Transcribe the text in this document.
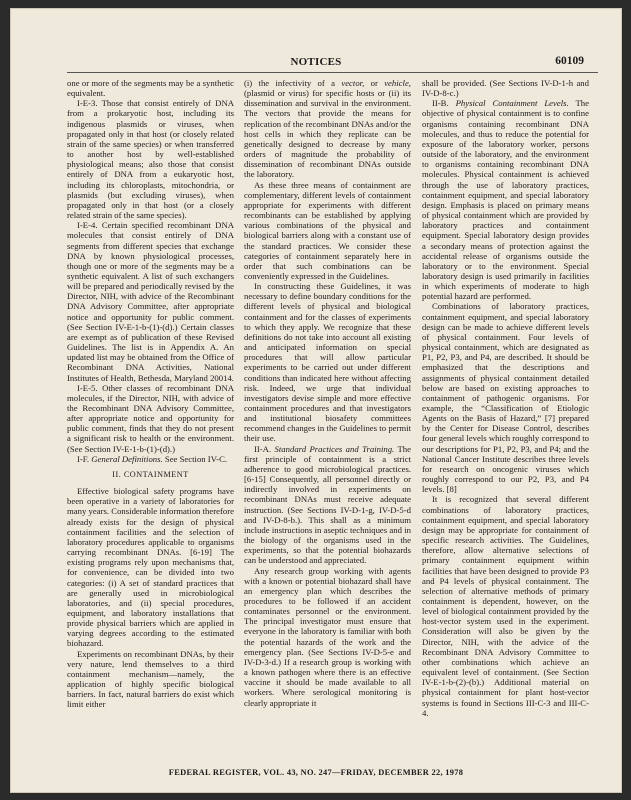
NOTICES	60109

one or more of the segments may be a synthetic equivalent.

I-E-3. Those that consist entirely of DNA from a prokaryotic host, including its indigenous plasmids or viruses, when propagated only in that host (or closely related strain of the same species) or when transferred to another host by well-established physiological means; also those that consist entirely of DNA from a eukaryotic host, including its chloroplasts, mitochondria, or plasmids (but excluding viruses), when propagated only in that host (or a closely related strain of the same species).

I-E-4. Certain specified recombinant DNA molecules that consist entirely of DNA segments from different species that exchange DNA by known physiological processes, though one or more of the segments may be a synthetic equivalent. A list of such exchangers will be prepared and periodically revised by the Director, NIH, with advice of the Recombinant DNA Advisory Committee, after appropriate notice and opportunity for public comment. (See Section IV-E-1-b-(1)-(d).) Certain classes are exempt as of publication of these Revised Guidelines. The list is in Appendix A. An updated list may be obtained from the Office of Recombinant DNA Activities, National Institutes of Health, Bethesda, Maryland 20014.

I-E-5. Other classes of recombinant DNA molecules, if the Director, NIH, with advice of the Recombinant DNA Advisory Committee, after appropriate notice and opportunity for public comment, finds that they do not present a significant risk to health or the environment. (See Section IV-E-1-b-(1)-(d).)

I-F. General Definitions. See Section IV-C.

II. CONTAINMENT

Effective biological safety programs have been operative in a variety of laboratories for many years. Considerable information therefore already exists for the design of physical containment facilities and the selection of laboratory procedures applicable to organisms carrying recombinant DNAs. [6-19] The existing programs rely upon mechanisms that, for convenience, can be divided into two categories: (i) A set of standard practices that are generally used in microbiological laboratories, and (ii) special procedures, equipment, and laboratory installations that provide physical barriers which are applied in varying degrees according to the estimated biohazard.

Experiments on recombinant DNAs, by their very nature, lend themselves to a third containment mechanism—namely, the application of highly specific biological barriers. In fact, natural barriers do exist which limit either

(i) the infectivity of a vector, or vehicle, (plasmid or virus) for specific hosts or (ii) its dissemination and survival in the environment. The vectors that provide the means for replication of the recombinant DNAs and/or the host cells in which they replicate can be genetically designed to decrease by many orders of magnitude the probability of dissemination of recombinant DNAs outside the laboratory.

As these three means of containment are complementary, different levels of containment appropriate for experiments with different recombinants can be established by applying various combinations of the physical and biological barriers along with a constant use of the standard practices. We consider these categories of containment separately here in order that such combinations can be conveniently expressed in the Guidelines.

In constructing these Guidelines, it was necessary to define boundary conditions for the different levels of physical and biological containment and for the classes of experiments to which they apply. We recognize that these definitions do not take into account all existing and anticipated information on special procedures that will allow particular experiments to be carried out under different conditions than indicated here without affecting risk. Indeed, we urge that individual investigators devise simple and more effective containment procedures and that investigators and institutional biosafety committees recommend changes in the Guidelines to permit their use.

II-A. Standard Practices and Training. The first principle of containment is a strict adherence to good microbiological practices. [6-15] Consequently, all personnel directly or indirectly involved in experiments on recombinant DNAs must receive adequate instruction. (See Sections IV-D-1-g, IV-D-5-d and IV-D-8-b.). This shall as a minimum include instructions in aseptic techniques and in the biology of the organisms used in the experiments, so that the potential biohazards can be understood and appreciated.

Any research group working with agents with a known or potential biohazard shall have an emergency plan which describes the procedures to be followed if an accident contaminates personnel or the environment. The principal investigator must ensure that everyone in the laboratory is familiar with both the potential hazards of the work and the emergency plan. (See Sections IV-D-5-e and IV-D-3-d.) If a research group is working with a known pathogen where there is an effective vaccine it should be made available to all workers. Where serological monitoring is clearly appropriate it

shall be provided. (See Sections IV-D-1-h and IV-D-8-c.)

II-B. Physical Containment Levels. The objective of physical containment is to confine organisms containing recombinant DNA molecules, and thus to reduce the potential for exposure of the laboratory worker, persons outside of the laboratory, and the environment to organisms containing recombinant DNA molecules. Physical containment is achieved through the use of laboratory practices, containment equipment, and special laboratory design. Emphasis is placed on primary means of physical containment which are provided by laboratory practices and containment equipment. Special laboratory design provides a secondary means of protection against the accidental release of organisms outside the laboratory or to the environment. Special laboratory design is used primarily in facilities in which experiments of moderate to high potential hazard are performed.

Combinations of laboratory practices, containment equipment, and special laboratory design can be made to achieve different levels of physical containment. Four levels of physical containment, which are designated as P1, P2, P3, and P4, are described. It should be emphasized that the descriptions and assignments of physical containment detailed below are based on existing approaches to containment of pathogenic organisms. For example, the “Classification of Etiologic Agents on the Basis of Hazard,” [7] prepared by the Center for Disease Control, describes four general levels which roughly correspond to our descriptions for P1, P2, P3, and P4; and the National Cancer Institute describes three levels for research on oncogenic viruses which roughly correspond to our P2, P3, and P4 levels. [8]

It is recognized that several different combinations of laboratory practices, containment equipment, and special laboratory design may be appropriate for containment of specific research activities. The Guidelines, therefore, allow alternative selections of primary containment equipment within facilities that have been designed to provide P3 and P4 levels of physical containment. The selection of alternative methods of primary containment is dependent, however, on the level of biological containment provided by the host-vector system used in the experiment. Consideration will also be given by the Director, NIH, with the advice of the Recombinant DNA Advisory Committee to other combinations which achieve an equivalent level of containment. (See Section IV-E-1-b-(2)-(b).) Additional material on physical containment for plant host-vector systems is found in Sections III-C-3 and III-C-4.

FEDERAL REGISTER, VOL. 43, NO. 247—FRIDAY, DECEMBER 22, 1978
